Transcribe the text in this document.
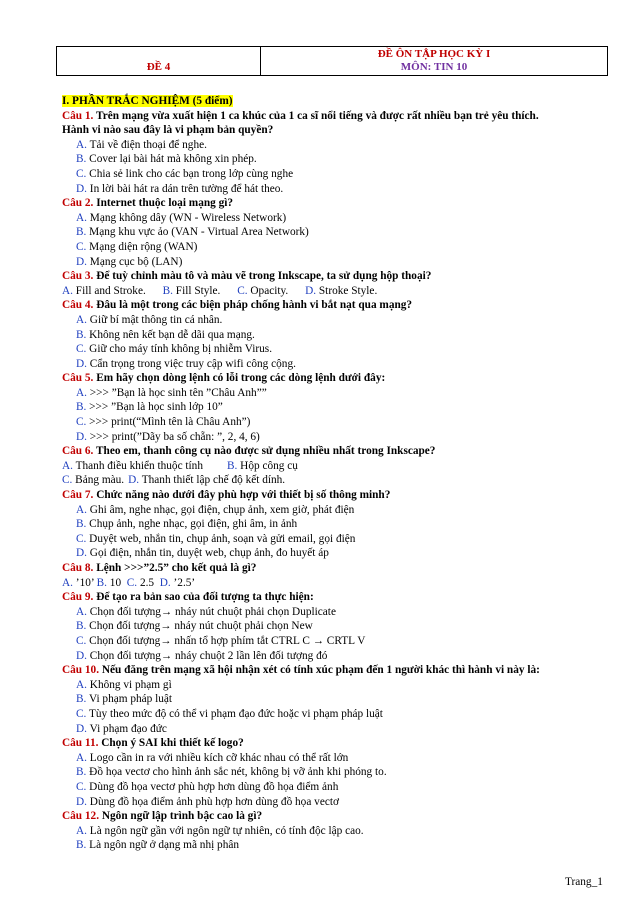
ĐỀ 4	
ĐỀ ÔN TẬP HỌC KỲ I
MÔN: TIN 10
I. PHẦN TRẮC NGHIỆM (5 điểm)
Câu 1. Trên mạng vừa xuất hiện 1 ca khúc của 1 ca sĩ nổi tiếng và được rất nhiều bạn trẻ yêu thích.
Hành vi nào sau đây là vi phạm bản quyền?
A. Tải về điện thoại để nghe.
B. Cover lại bài hát mà không xin phép.
C. Chia sẻ link cho các bạn trong lớp cùng nghe
D. In lời bài hát ra dán trên tường để hát theo.
Câu 2. Internet thuộc loại mạng gì?
A. Mạng không dây (WN - Wireless Network)
B. Mạng khu vực ảo (VAN - Virtual Area Network)
C. Mạng diện rộng (WAN)
D. Mạng cục bộ (LAN)
Câu 3. Để tuỳ chỉnh màu tô và màu vẽ trong Inkscape, ta sử dụng hộp thoại?
A. Fill and Stroke. B. Fill Style. C. Opacity. D. Stroke Style.
Câu 4. Đâu là một trong các biện pháp chống hành vi bắt nạt qua mạng?
A. Giữ bí mật thông tin cá nhân.
B. Không nên kết bạn dễ dãi qua mạng.
C. Giữ cho máy tính không bị nhiễm Virus.
D. Cẩn trọng trong việc truy cập wifi công cộng.
Câu 5. Em hãy chọn dòng lệnh có lỗi trong các dòng lệnh dưới đây:
A. >>> ”Bạn là học sinh tên ”Châu Anh””
B. >>> ”Bạn là học sinh lớp 10”
C. >>> print(“Mình tên là Châu Anh”)
D. >>> print(”Dãy ba số chẵn: ”, 2, 4, 6)
Câu 6. Theo em, thanh công cụ nào được sử dụng nhiều nhất trong Inkscape?
A. Thanh điều khiển thuộc tính B. Hộp công cụ
C. Bảng màu. D. Thanh thiết lập chế độ kết dính.
Câu 7. Chức năng nào dưới đây phù hợp với thiết bị số thông minh?
A. Ghi âm, nghe nhạc, gọi điện, chụp ảnh, xem giờ, phát điện
B. Chụp ảnh, nghe nhạc, gọi điện, ghi âm, in ảnh
C. Duyệt web, nhắn tin, chụp ảnh, soạn và gửi email, gọi điện
D. Gọi điện, nhắn tin, duyệt web, chụp ảnh, đo huyết áp
Câu 8. Lệnh >>>”2.5” cho kết quả là gì?
A. ’10’ B. 10 C. 2.5 D. ’2.5’
Câu 9. Để tạo ra bản sao của đối tượng ta thực hiện:
A. Chọn đối tượng→ nháy nút chuột phải chọn Duplicate
B. Chọn đối tượng→ nháy nút chuột phải chọn New
C. Chọn đối tượng→ nhấn tổ hợp phím tắt CTRL C → CRTL V
D. Chọn đối tượng→ nháy chuột 2 lần lên đối tượng đó
Câu 10. Nếu đăng trên mạng xã hội nhận xét có tính xúc phạm đến 1 người khác thì hành vi này là:
A. Không vi phạm gì
B. Vi phạm pháp luật
C. Tùy theo mức độ có thể vi phạm đạo đức hoặc vi phạm pháp luật
D. Vi phạm đạo đức
Câu 11. Chọn ý SAI khi thiết kế logo?
A. Logo cần in ra với nhiều kích cỡ khác nhau có thể rất lớn
B. Đồ họa vectơ cho hình ảnh sắc nét, không bị vỡ ảnh khi phóng to.
C. Dùng đồ họa vectơ phù hợp hơn dùng đồ họa điểm ảnh
D. Dùng đồ họa điểm ảnh phù hợp hơn dùng đồ họa vectơ
Câu 12. Ngôn ngữ lập trình bậc cao là gì?
A. Là ngôn ngữ gần với ngôn ngữ tự nhiên, có tính độc lập cao.
B. Là ngôn ngữ ở dạng mã nhị phân
Trang_1
